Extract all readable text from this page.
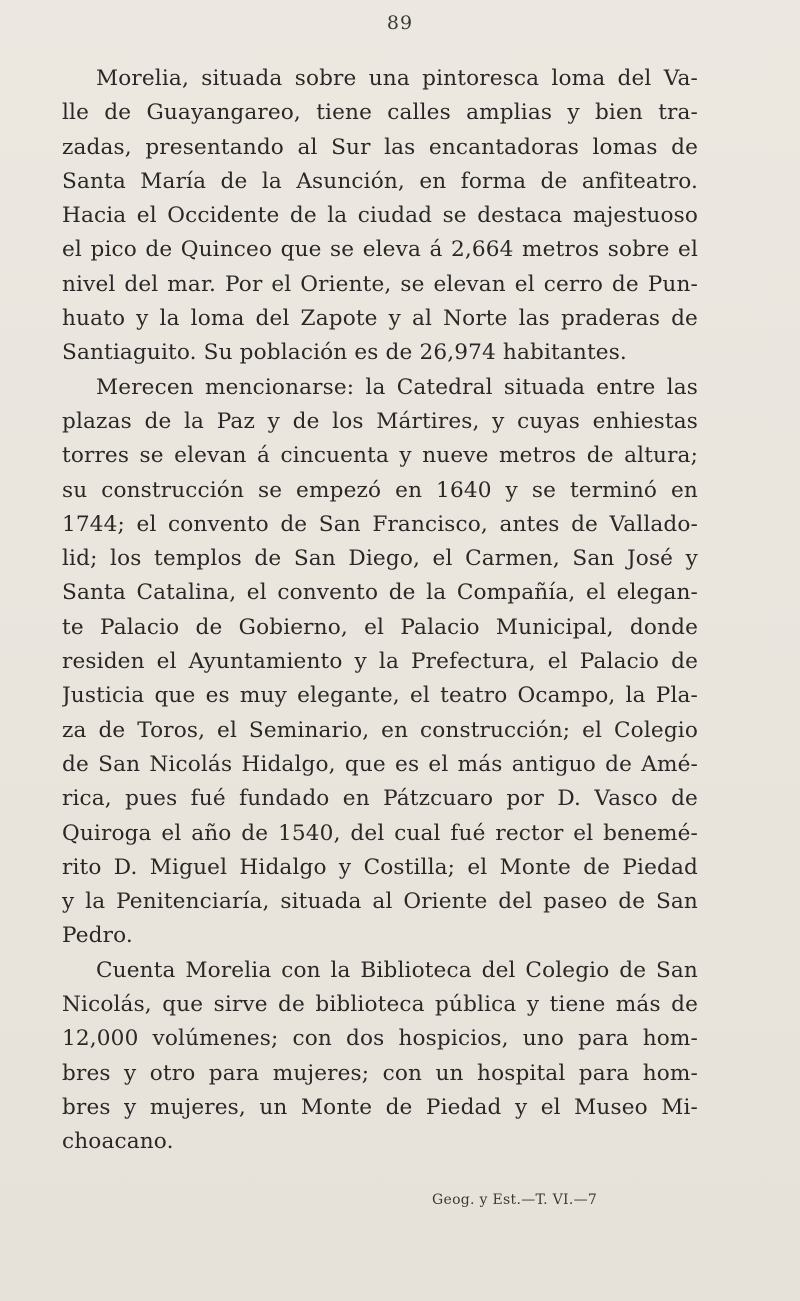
89
Morelia, situada sobre una pintoresca loma del Va-
lle de Guayangareo, tiene calles amplias y bien tra-
zadas, presentando al Sur las encantadoras lomas de
Santa María de la Asunción, en forma de anfiteatro.
Hacia el Occidente de la ciudad se destaca majestuoso
el pico de Quinceo que se eleva á 2,664 metros sobre el
nivel del mar. Por el Oriente, se elevan el cerro de Pun-
huato y la loma del Zapote y al Norte las praderas de
Santiaguito. Su población es de 26,974 habitantes.
Merecen mencionarse: la Catedral situada entre las
plazas de la Paz y de los Mártires, y cuyas enhiestas
torres se elevan á cincuenta y nueve metros de altura;
su construcción se empezó en 1640 y se terminó en
1744; el convento de San Francisco, antes de Vallado-
lid; los templos de San Diego, el Carmen, San José y
Santa Catalina, el convento de la Compañía, el elegan-
te Palacio de Gobierno, el Palacio Municipal, donde
residen el Ayuntamiento y la Prefectura, el Palacio de
Justicia que es muy elegante, el teatro Ocampo, la Pla-
za de Toros, el Seminario, en construcción; el Colegio
de San Nicolás Hidalgo, que es el más antiguo de Amé-
rica, pues fué fundado en Pátzcuaro por D. Vasco de
Quiroga el año de 1540, del cual fué rector el benemé-
rito D. Miguel Hidalgo y Costilla; el Monte de Piedad
y la Penitenciaría, situada al Oriente del paseo de San
Pedro.
Cuenta Morelia con la Biblioteca del Colegio de San
Nicolás, que sirve de biblioteca pública y tiene más de
12,000 volúmenes; con dos hospicios, uno para hom-
bres y otro para mujeres; con un hospital para hom-
bres y mujeres, un Monte de Piedad y el Museo Mi-
choacano.
Geog. y Est.—T. VI.—7
